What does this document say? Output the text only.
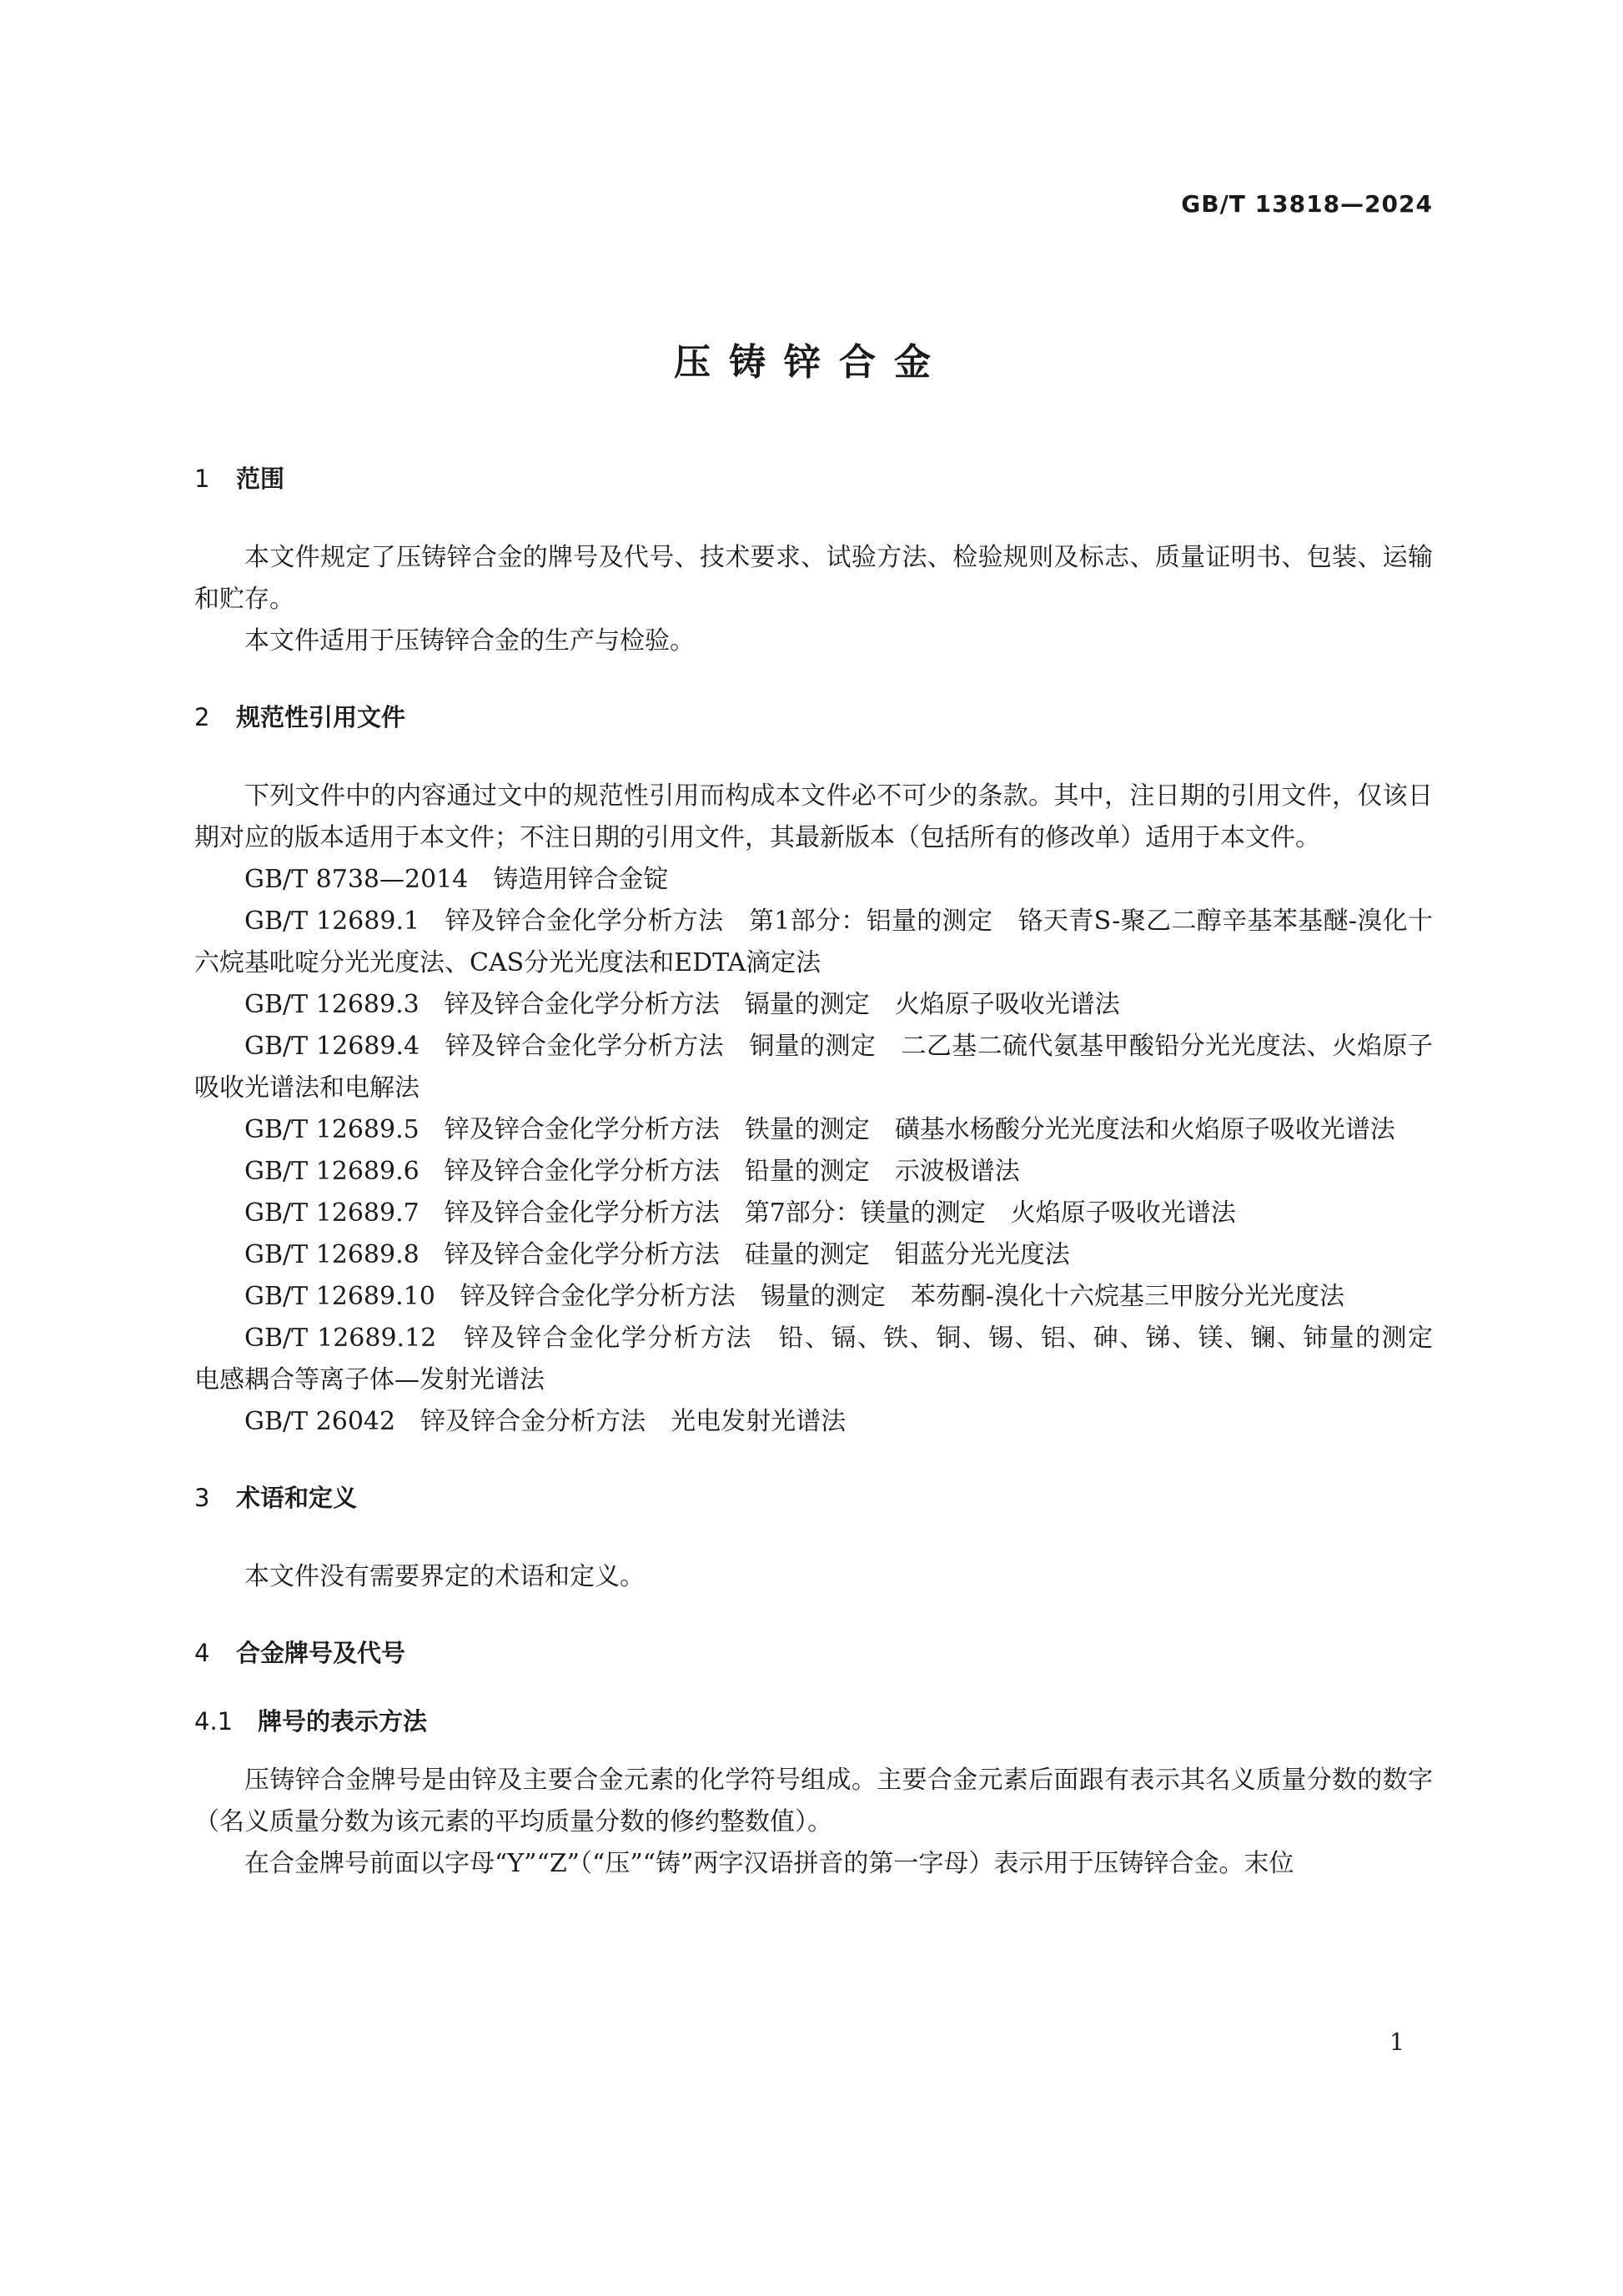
GB/T 13818—2024
压铸锌合金
1 范围

本文件规定了压铸锌合金的牌号及代号、技术要求、试验方法、检验规则及标志、质量证明书、包装、运输和贮存。

本文件适用于压铸锌合金的生产与检验。

2 规范性引用文件

下列文件中的内容通过文中的规范性引用而构成本文件必不可少的条款。其中，注日期的引用文件，仅该日期对应的版本适用于本文件；不注日期的引用文件，其最新版本（包括所有的修改单）适用于本文件。

GB/T 8738—2014　铸造用锌合金锭

GB/T 12689.1　锌及锌合金化学分析方法　第1部分：铝量的测定　铬天青S-聚乙二醇辛基苯基醚-溴化十六烷基吡啶分光光度法、CAS分光光度法和EDTA滴定法

GB/T 12689.3　锌及锌合金化学分析方法　镉量的测定　火焰原子吸收光谱法

GB/T 12689.4　锌及锌合金化学分析方法　铜量的测定　二乙基二硫代氨基甲酸铅分光光度法、火焰原子吸收光谱法和电解法

GB/T 12689.5　锌及锌合金化学分析方法　铁量的测定　磺基水杨酸分光光度法和火焰原子吸收光谱法

GB/T 12689.6　锌及锌合金化学分析方法　铅量的测定　示波极谱法

GB/T 12689.7　锌及锌合金化学分析方法　第7部分：镁量的测定　火焰原子吸收光谱法

GB/T 12689.8　锌及锌合金化学分析方法　硅量的测定　钼蓝分光光度法

GB/T 12689.10　锌及锌合金化学分析方法　锡量的测定　苯芴酮-溴化十六烷基三甲胺分光光度法

GB/T 12689.12　锌及锌合金化学分析方法　铅、镉、铁、铜、锡、铝、砷、锑、镁、镧、铈量的测定　电感耦合等离子体—发射光谱法

GB/T 26042　锌及锌合金分析方法　光电发射光谱法

3 术语和定义

本文件没有需要界定的术语和定义。

4 合金牌号及代号
4.1 牌号的表示方法

压铸锌合金牌号是由锌及主要合金元素的化学符号组成。主要合金元素后面跟有表示其名义质量分数的数字（名义质量分数为该元素的平均质量分数的修约整数值）。

在合金牌号前面以字母“Y”“Z”（“压”“铸”两字汉语拼音的第一字母）表示用于压铸锌合金。末位

1
